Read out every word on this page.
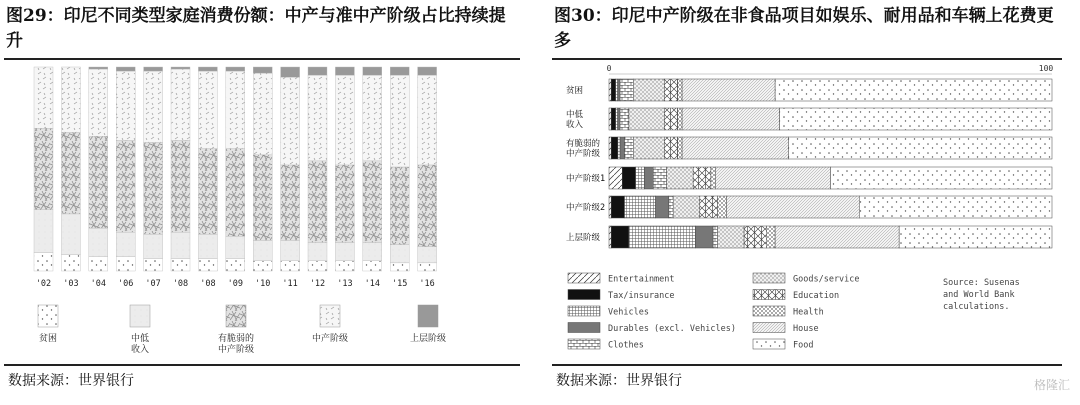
图29：印尼不同类型家庭消费份额：中产与准中产阶级占比持续提升
'02 '03 '04 '06 '07 '08 '08 '09 '10 '11 '12 '13 '14 '15 '16
贫困	中低
收入
有脆弱的
中产阶级
中产阶级	上层阶级
数据来源：世界银行
图30：印尼中产阶级在非食品项目如娱乐、耐用品和车辆上花费更多
0	100
贫困
中低
收入
有脆弱的
中产阶级
中产阶级1
中产阶级2
上层阶级
Entertainment
Tax/insurance
Vehicles
Durables (excl. Vehicles)
Clothes
Goods/service
Education
Health
House
Food
Source: Susenas
and World Bank
calculations.
数据来源：世界银行	格隆汇
